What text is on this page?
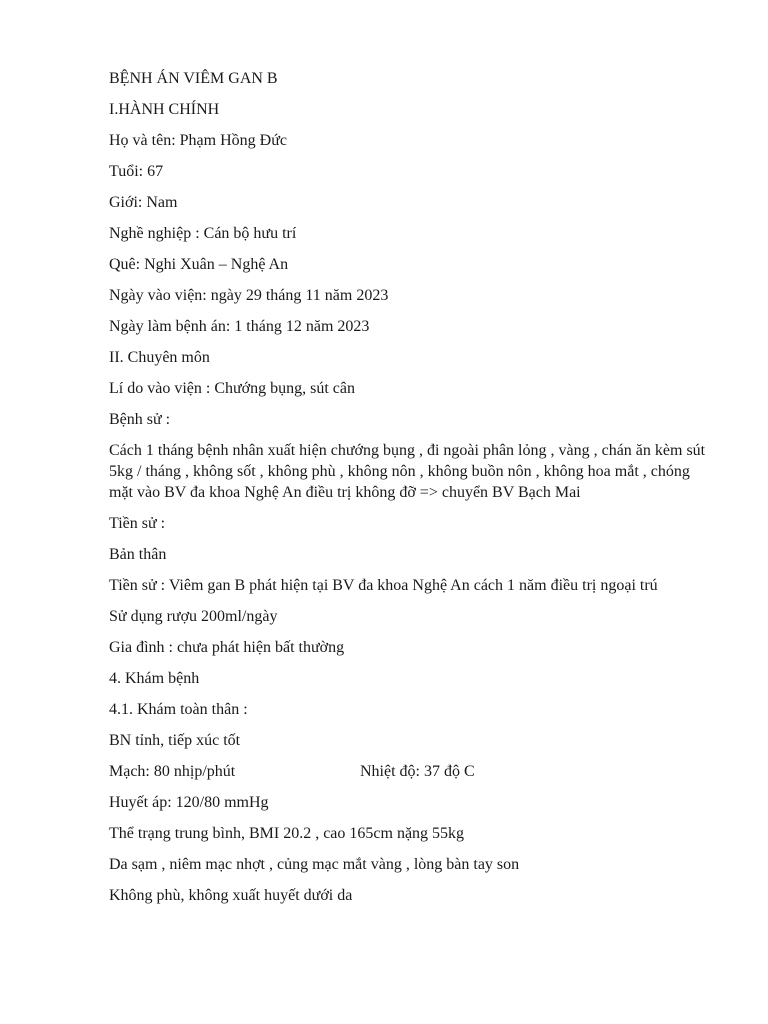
BỆNH ÁN VIÊM GAN B

I.HÀNH CHÍNH

Họ và tên: Phạm Hồng Đức

Tuổi: 67

Giới: Nam

Nghề nghiệp : Cán bộ hưu trí

Quê: Nghi Xuân – Nghệ An

Ngày vào viện: ngày 29 tháng 11 năm 2023

Ngày làm bệnh án: 1 tháng 12 năm 2023

II. Chuyên môn

Lí do vào viện : Chướng bụng, sút cân

Bệnh sử :

Cách 1 tháng bệnh nhân xuất hiện chướng bụng , đi ngoài phân lỏng , vàng , chán ăn kèm sút 5kg / tháng , không sốt , không phù , không nôn , không buồn nôn , không hoa mắt , chóng mặt vào BV đa khoa Nghệ An điều trị không đỡ => chuyển BV Bạch Mai

Tiền sử :

Bản thân

Tiền sử : Viêm gan B phát hiện tại BV đa khoa Nghệ An cách 1 năm điều trị ngoại trú

Sử dụng rượu 200ml/ngày

Gia đình : chưa phát hiện bất thường

4. Khám bệnh

4.1. Khám toàn thân :

BN tỉnh, tiếp xúc tốt

Mạch: 80 nhịp/phút	Nhiệt độ: 37 độ C

Huyết áp: 120/80 mmHg

Thể trạng trung bình, BMI 20.2 , cao 165cm nặng 55kg

Da sạm , niêm mạc nhợt , củng mạc mắt vàng , lòng bàn tay son

Không phù, không xuất huyết dưới da
